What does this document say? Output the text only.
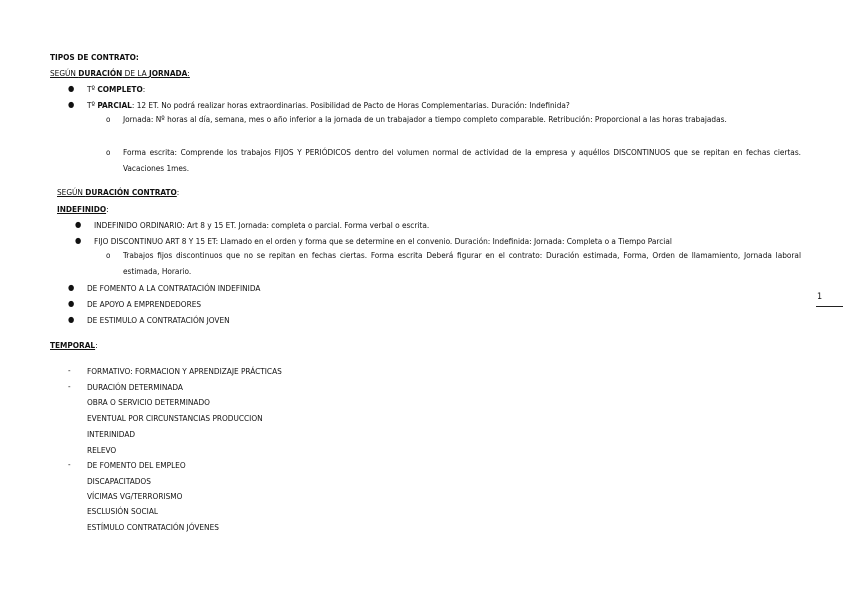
TIPOS DE CONTRATO:
SEGÚN DURACIÓN DE LA JORNADA:
● Tº COMPLETO:
● Tº PARCIAL: 12 ET. No podrá realizar horas extraordinarias. Posibilidad de Pacto de Horas Complementarias. Duración: Indefinida?
o Jornada: Nº horas al día, semana, mes o año inferior a la jornada de un trabajador a tiempo completo comparable. Retribución: Proporcional a las horas trabajadas.
o Forma escrita: Comprende los trabajos FIJOS Y PERIÓDICOS dentro del volumen normal de actividad de la empresa y aquéllos DISCONTINUOS que se repitan en fechas ciertas. Vacaciones 1mes.
SEGÚN DURACIÓN CONTRATO:
INDEFINIDO:
● INDEFINIDO ORDINARIO: Art 8 y 15 ET. Jornada: completa o parcial. Forma verbal o escrita.
● FIJO DISCONTINUO ART 8 Y 15 ET: Llamado en el orden y forma que se determine en el convenio. Duración: Indefinida: Jornada: Completa o a Tiempo Parcial
o Trabajos fijos discontinuos que no se repitan en fechas ciertas. Forma escrita Deberá figurar en el contrato: Duración estimada, Forma, Orden de llamamiento, Jornada laboral estimada, Horario.
● DE FOMENTO A LA CONTRATACIÓN INDEFINIDA
● DE APOYO A EMPRENDEDORES
● DE ESTIMULO A CONTRATACIÓN JOVEN
TEMPORAL:
- FORMATIVO: FORMACION Y APRENDIZAJE PRÁCTICAS
- DURACIÓN DETERMINADA
OBRA O SERVICIO DETERMINADO
EVENTUAL POR CIRCUNSTANCIAS PRODUCCION
INTERINIDAD
RELEVO
- DE FOMENTO DEL EMPLEO
DISCAPACITADOS
VÍCIMAS VG/TERRORISMO
ESCLUSIÓN SOCIAL
ESTÍMULO CONTRATACIÓN JÓVENES
1
